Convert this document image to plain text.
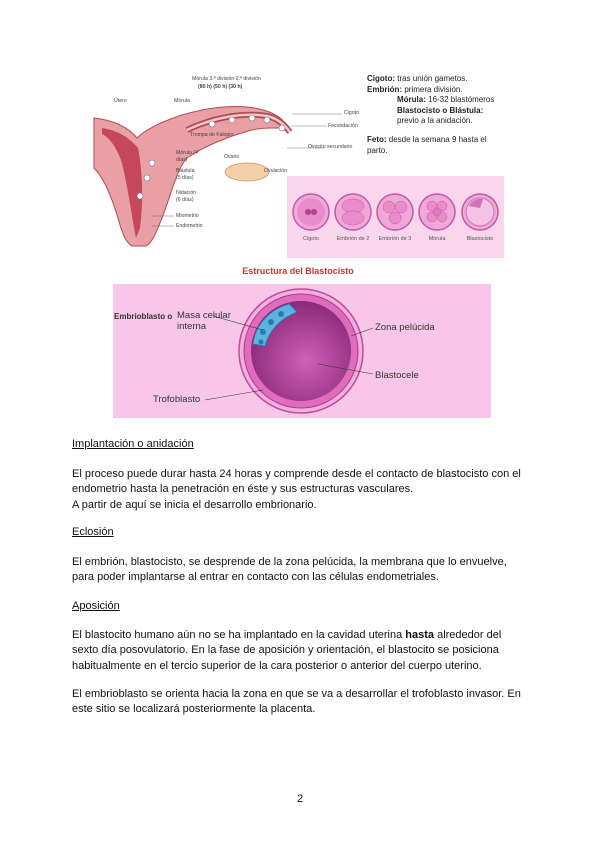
Útero	Mórula
Mórula 3.ª división 2.ª división
(80 h) (50 h) (30 h)
Trompa de Falopio
Cigoto
Fecundación
Ovocito secundario
Ovario
Ovulación
Mórula (4 días)
Blástula (5 días)
Nidación (6 días)
Miometrio
Endometrio
Cigoto: tras unión gametos.
Embrión: primera división.
Mórula: 16-32 blastómeros
Blastocisto o Blástula:
previo a la anidación.
Feto: desde la semana 9 hasta el parto.
Cigoto	Embrión de 2	Embrión de 3	Mórula	Blastocisto
Estructura del Blastocisto
Embrioblasto o Masa celular
interna	Zona pelúcida
Blastocele
Trofoblasto
Implantación o anidación

El proceso puede durar hasta 24 horas y comprende desde el contacto de blastocisto con el
endometrio hasta la penetración en éste y sus estructuras vasculares.
A partir de aquí se inicia el desarrollo embrionario.

Eclosión

El embrión, blastocisto, se desprende de la zona pelúcida, la membrana que lo envuelve,
para poder implantarse al entrar en contacto con las células endometriales.

Aposición

El blastocito humano aún no se ha implantado en la cavidad uterina hasta alrededor del
sexto día posovulatorio. En la fase de aposición y orientación, el blastocito se posiciona
habitualmente en el tercio superior de la cara posterior o anterior del cuerpo uterino.

El embrioblasto se orienta hacia la zona en que se va a desarrollar el trofoblasto invasor. En
este sitio se localizará posteriormente la placenta.

2
